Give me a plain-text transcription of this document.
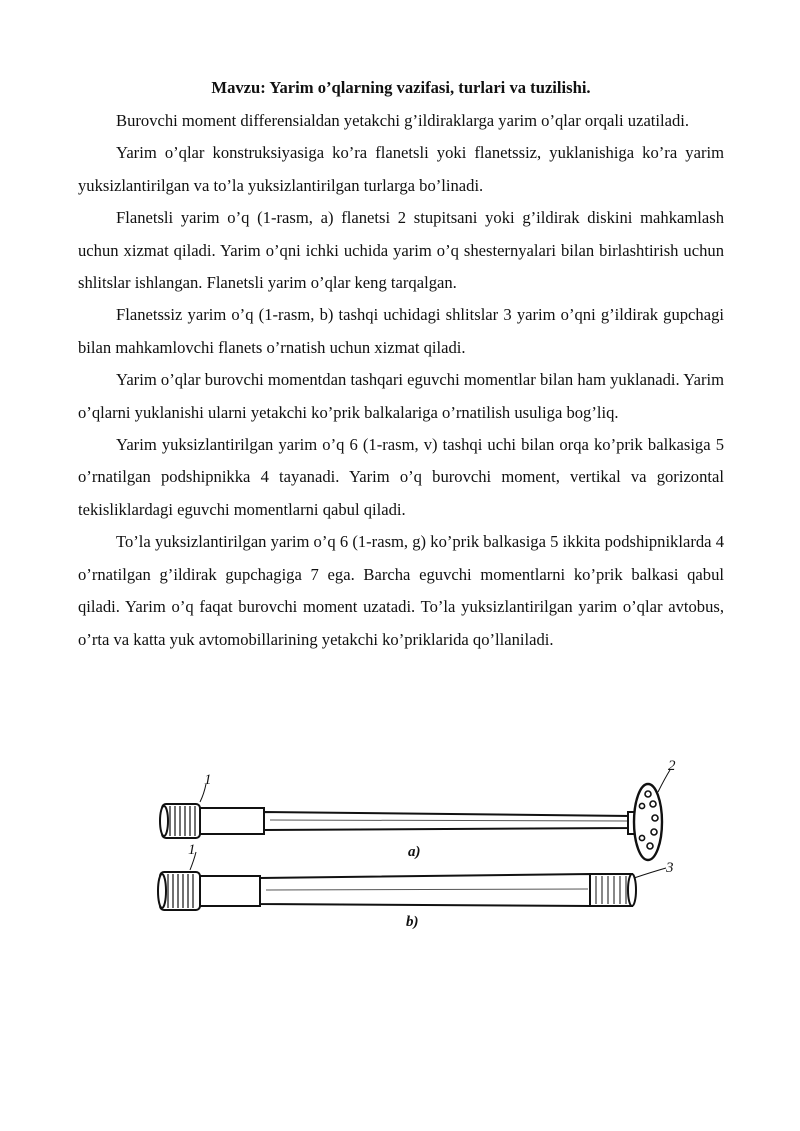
Mavzu: Yarim o’qlarning vazifasi, turlari va tuzilishi.

Burovchi moment differensialdan yetakchi g’ildiraklarga yarim o’qlar orqali uzatiladi.

Yarim o’qlar konstruksiyasiga ko’ra flanetsli yoki flanetssiz, yuklanishiga ko’ra yarim yuksizlantirilgan va to’la yuksizlantirilgan turlarga bo’linadi.

Flanetsli yarim o’q (1-rasm, a) flanetsi 2 stupitsani yoki g’ildirak diskini mahkamlash uchun xizmat qiladi. Yarim o’qni ichki uchida yarim o’q shesternyalari bilan birlashtirish uchun shlitslar ishlangan. Flanetsli yarim o’qlar keng tarqalgan.

Flanetssiz yarim o’q (1-rasm, b) tashqi uchidagi shlitslar 3 yarim o’qni g’ildirak gupchagi bilan mahkamlovchi flanets o’rnatish uchun xizmat qiladi.

Yarim o’qlar burovchi momentdan tashqari eguvchi momentlar bilan ham yuklanadi. Yarim o’qlarni yuklanishi ularni yetakchi ko’prik balkalariga o’rnatilish usuliga bog’liq.

Yarim yuksizlantirilgan yarim o’q 6 (1-rasm, v) tashqi uchi bilan orqa ko’prik balkasiga 5 o’rnatilgan podshipnikka 4 tayanadi. Yarim o’q burovchi moment, vertikal va gorizontal tekisliklardagi eguvchi momentlarni qabul qiladi.

To’la yuksizlantirilgan yarim o’q 6 (1-rasm, g) ko’prik balkasiga 5 ikkita podshipniklarda 4 o’rnatilgan g’ildirak gupchagiga 7 ega. Barcha eguvchi momentlarni ko’prik balkasi qabul qiladi. Yarim o’q faqat burovchi moment uzatadi. To’la yuksizlantirilgan yarim o’qlar avtobus, o’rta va katta yuk avtomobillarining yetakchi ko’priklarida qo’llaniladi.

1
2
a)
1
3
b)
